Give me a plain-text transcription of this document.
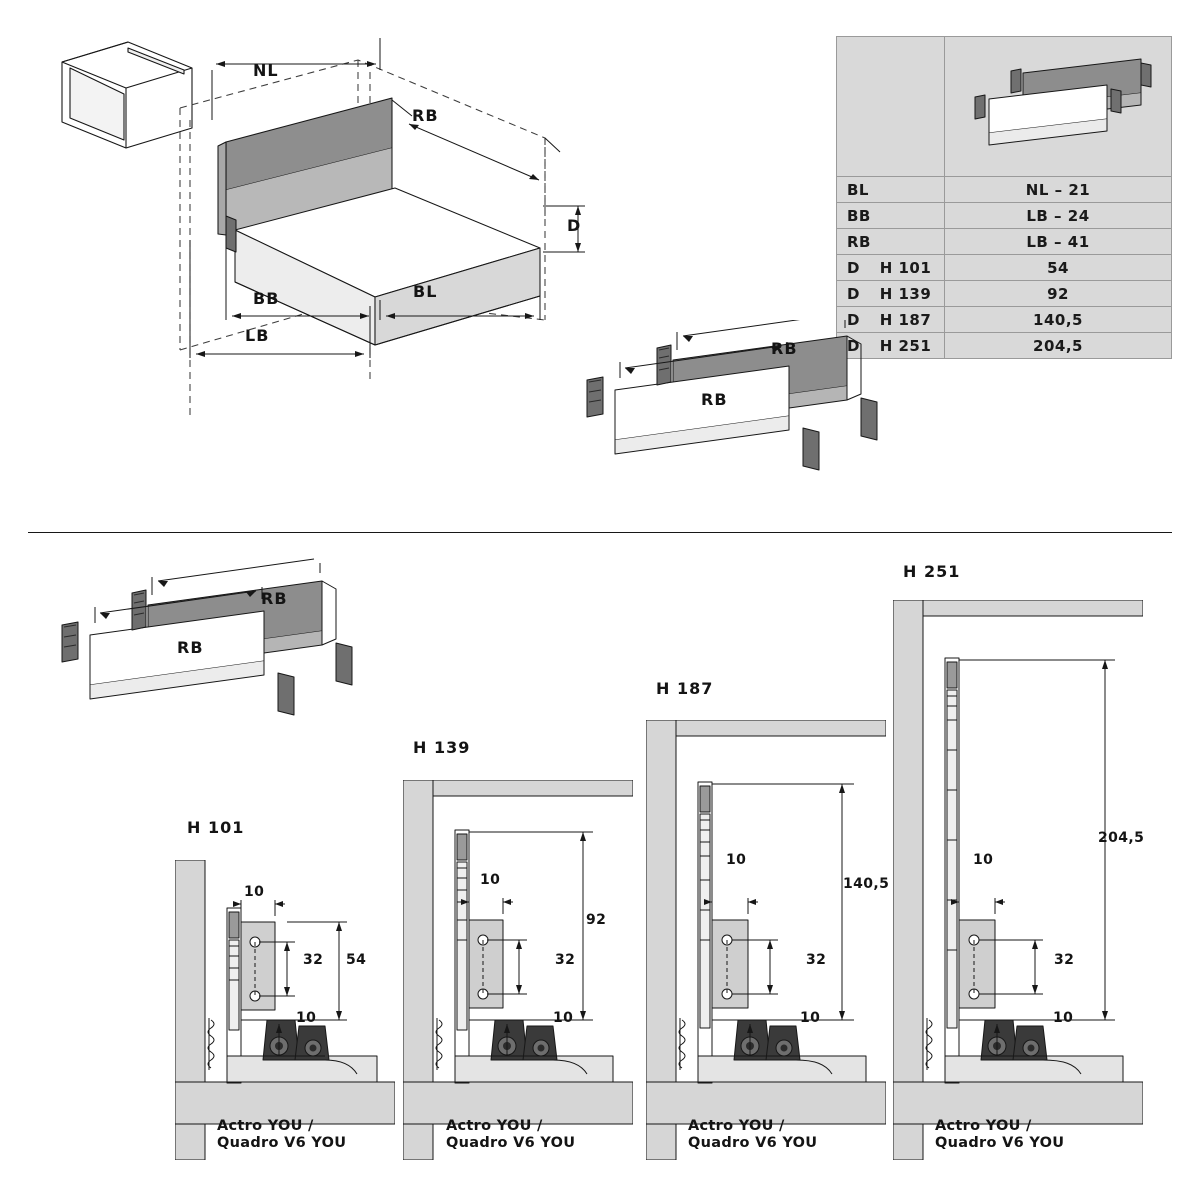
NL
RB
D
BB	BL
LB

BL	NL – 21
BB	LB – 24
RB	LB – 41
D H 101	54
D H 139	92
D H 187	140,5
D H 251	204,5
RB
RB
RB
RB
H 101
10
32 54
10
Actro YOU /
Quadro V6 YOU
H 139
10
32
92
10
Actro YOU /
Quadro V6 YOU
H 187
10
32
140,5
10
Actro YOU /
Quadro V6 YOU
H 251
10
32
204,5
10
Actro YOU /
Quadro V6 YOU
